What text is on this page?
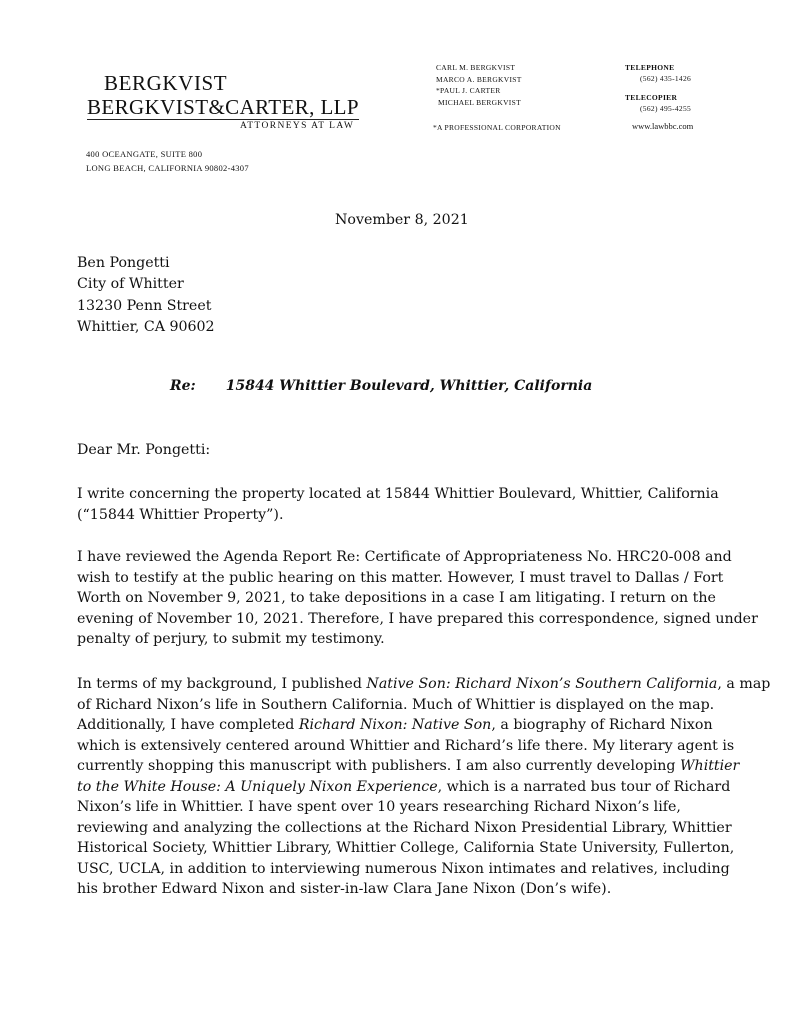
BERGKVIST
BERGKVIST&CARTER, LLP
ATTORNEYS AT LAW
400 OCEANGATE, SUITE 800
LONG BEACH, CALIFORNIA 90802-4307
CARL M. BERGKVIST
MARCO A. BERGKVIST
*PAUL J. CARTER
MICHAEL BERGKVIST
*A PROFESSIONAL CORPORATION
TELEPHONE
(562) 435-1426
TELECOPIER
(562) 495-4255
www.lawbbc.com
November 8, 2021
Ben Pongetti
City of Whitter
13230 Penn Street
Whittier, CA 90602
Re: 15844 Whittier Boulevard, Whittier, California
Dear Mr. Pongetti:
I write concerning the property located at 15844 Whittier Boulevard, Whittier, California
(“15844 Whittier Property”).
I have reviewed the Agenda Report Re: Certificate of Appropriateness No. HRC20-008 and
wish to testify at the public hearing on this matter. However, I must travel to Dallas / Fort
Worth on November 9, 2021, to take depositions in a case I am litigating. I return on the
evening of November 10, 2021. Therefore, I have prepared this correspondence, signed under
penalty of perjury, to submit my testimony.
In terms of my background, I published Native Son: Richard Nixon’s Southern California, a map
of Richard Nixon’s life in Southern California. Much of Whittier is displayed on the map.
Additionally, I have completed Richard Nixon: Native Son, a biography of Richard Nixon
which is extensively centered around Whittier and Richard’s life there. My literary agent is
currently shopping this manuscript with publishers. I am also currently developing Whittier
to the White House: A Uniquely Nixon Experience, which is a narrated bus tour of Richard
Nixon’s life in Whittier. I have spent over 10 years researching Richard Nixon’s life,
reviewing and analyzing the collections at the Richard Nixon Presidential Library, Whittier
Historical Society, Whittier Library, Whittier College, California State University, Fullerton,
USC, UCLA, in addition to interviewing numerous Nixon intimates and relatives, including
his brother Edward Nixon and sister-in-law Clara Jane Nixon (Don’s wife).
